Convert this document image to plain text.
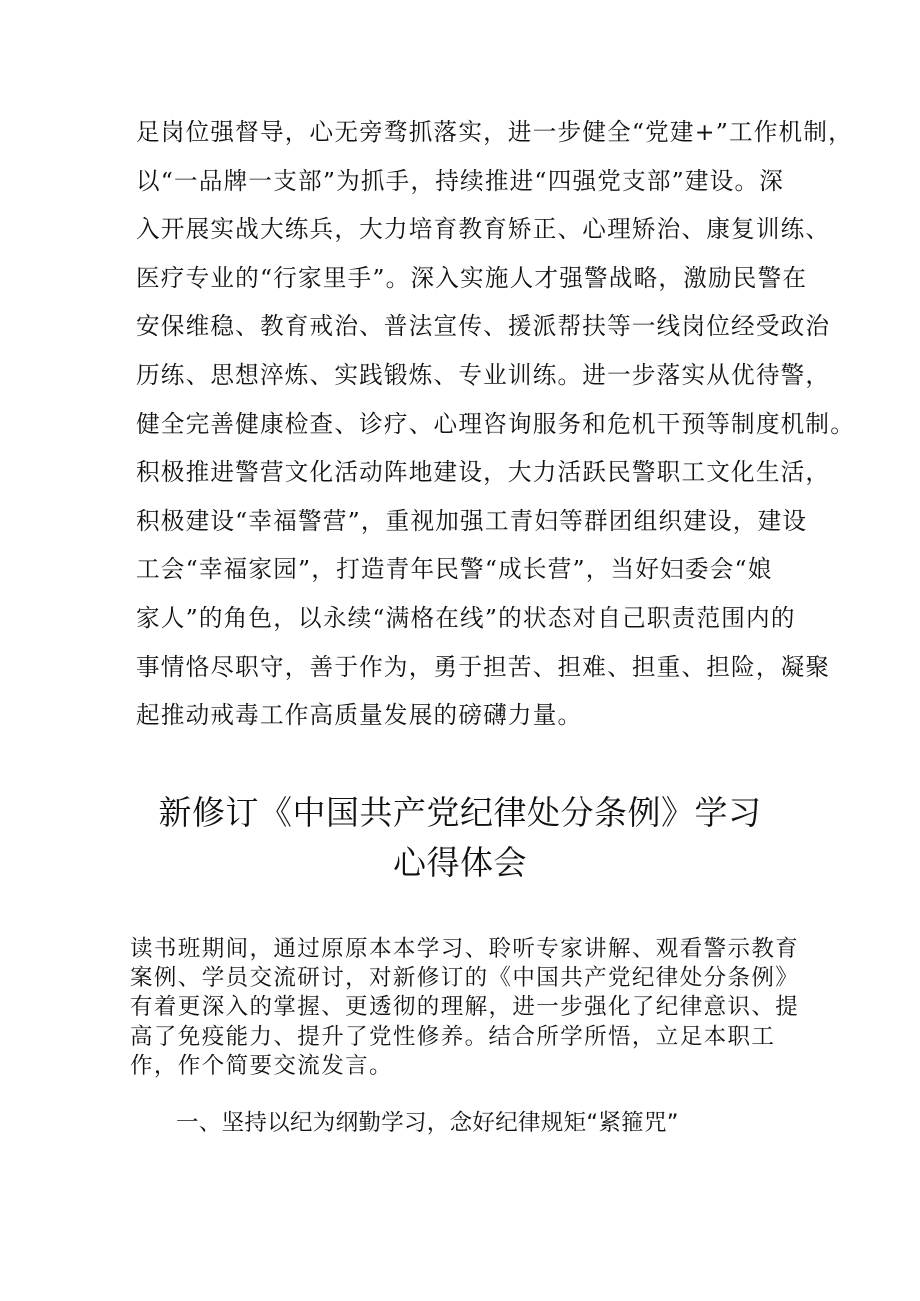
足岗位强督导，心无旁骛抓落实，进一步健全“党建+”工作机制，
以“一品牌一支部”为抓手，持续推进“四强党支部”建设。深
入开展实战大练兵，大力培育教育矫正、心理矫治、康复训练、
医疗专业的“行家里手”。深入实施人才强警战略，激励民警在
安保维稳、教育戒治、普法宣传、援派帮扶等一线岗位经受政治
历练、思想淬炼、实践锻炼、专业训练。进一步落实从优待警，
健全完善健康检查、诊疗、心理咨询服务和危机干预等制度机制。
积极推进警营文化活动阵地建设，大力活跃民警职工文化生活，
积极建设“幸福警营”，重视加强工青妇等群团组织建设，建设
工会“幸福家园”，打造青年民警“成长营”，当好妇委会“娘
家人”的角色，以永续“满格在线”的状态对自己职责范围内的
事情恪尽职守，善于作为，勇于担苦、担难、担重、担险，凝聚
起推动戒毒工作高质量发展的磅礴力量。
新修订《中国共产党纪律处分条例》学习
心得体会
读书班期间，通过原原本本学习、聆听专家讲解、观看警示教育
案例、学员交流研讨，对新修订的《中国共产党纪律处分条例》
有着更深入的掌握、更透彻的理解，进一步强化了纪律意识、提
高了免疫能力、提升了党性修养。结合所学所悟，立足本职工
作，作个简要交流发言。
一、坚持以纪为纲勤学习，念好纪律规矩“紧箍咒”
